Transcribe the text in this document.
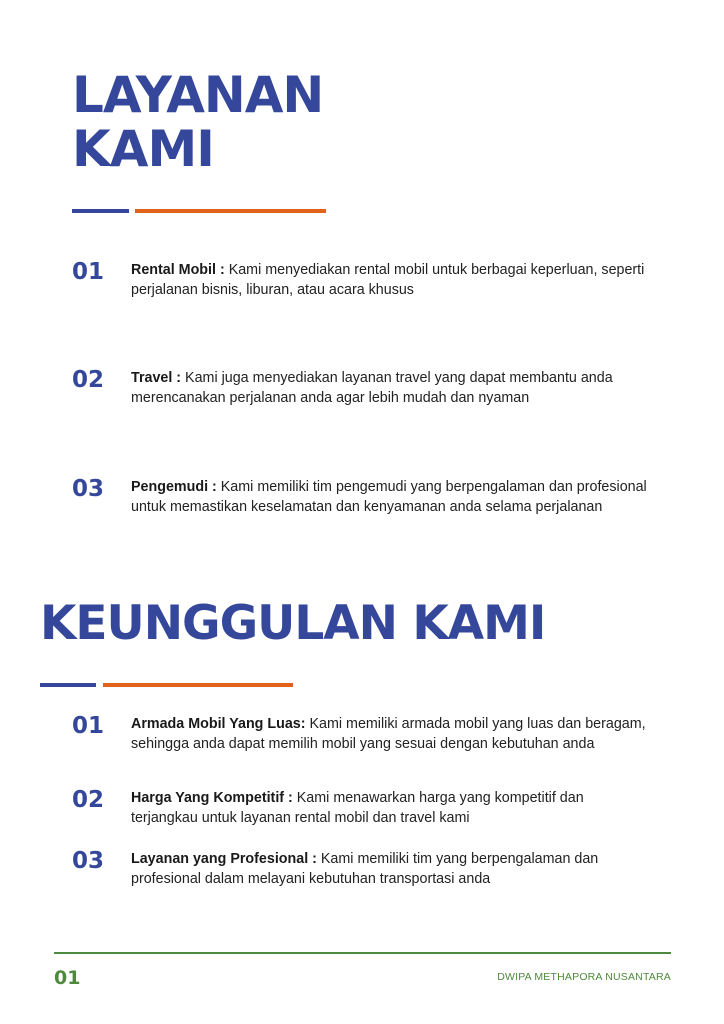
LAYANAN KAMI
01	Rental Mobil : Kami menyediakan rental mobil untuk berbagai keperluan, seperti perjalanan bisnis, liburan, atau acara khusus
02	Travel : Kami juga menyediakan layanan travel yang dapat membantu anda merencanakan perjalanan anda agar lebih mudah dan nyaman
03	Pengemudi : Kami memiliki tim pengemudi yang berpengalaman dan profesional untuk memastikan keselamatan dan kenyamanan anda selama perjalanan
KEUNGGULAN KAMI
01	Armada Mobil Yang Luas: Kami memiliki armada mobil yang luas dan beragam, sehingga anda dapat memilih mobil yang sesuai dengan kebutuhan anda
02	Harga Yang Kompetitif : Kami menawarkan harga yang kompetitif dan terjangkau untuk layanan rental mobil dan travel kami
03	Layanan yang Profesional : Kami memiliki tim yang berpengalaman dan profesional dalam melayani kebutuhan transportasi anda
01	DWIPA METHAPORA NUSANTARA
